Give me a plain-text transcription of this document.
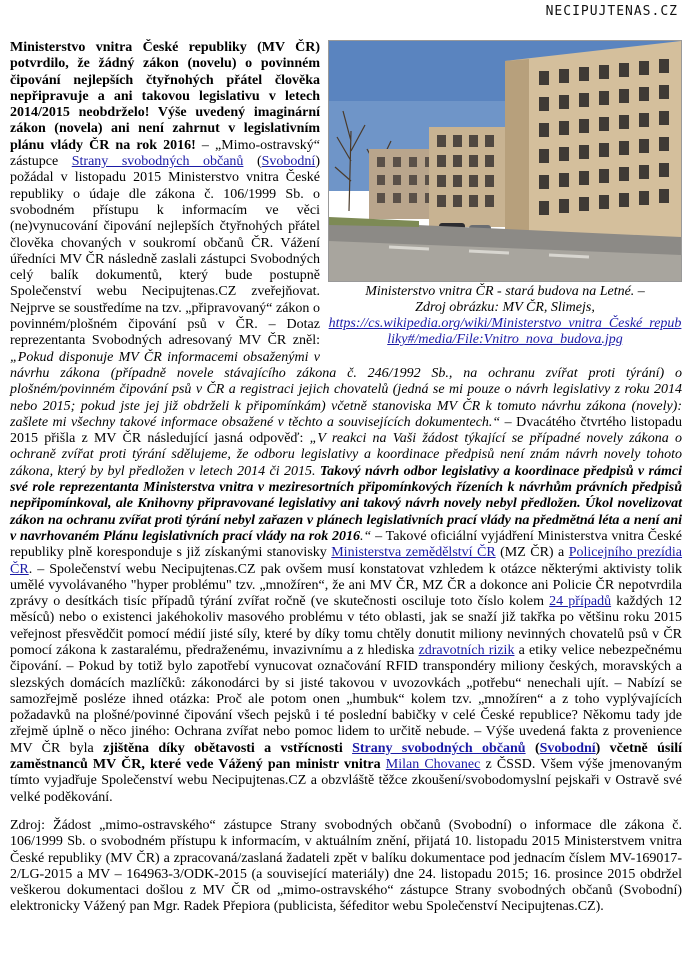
NECIPUJTENAS.CZ
Ministerstvo vnitra ČR - stará budova na Letné. –
Zdroj obrázku: MV ČR, Slimejs,
https://cs.wikipedia.org/wiki/Ministerstvo_vnitra_České_republiky#/media/File:Vnitro_nova_budova.jpg

Ministerstvo vnitra České republiky (MV ČR) potvrdilo, že žádný zákon (novelu) o povinném čipování nejlepších čtyřnohých přátel člověka nepřipravuje a ani takovou legislativu v letech 2014/2015 neobdrželo! Výše uvedený imaginární zákon (novela) ani není zahrnut v legislativním plánu vlády ČR na rok 2016! – „Mimo-ostravský“ zástupce Strany svobodných občanů (Svobodní) požádal v listopadu 2015 Ministerstvo vnitra České republiky o údaje dle zákona č. 106/1999 Sb. o svobodném přístupu k informacím ve věci (ne)vynucování čipování nejlepších čtyřnohých přátel člověka chovaných v soukromí občanů ČR. Vážení úředníci MV ČR následně zaslali zástupci Svobodných celý balík dokumentů, který bude postupně Společenství webu Necipujtenas.CZ zveřejňovat. Nejprve se soustředíme na tzv. „připravovaný“ zákon o povinném/plošném čipování psů v ČR. – Dotaz reprezentanta Svobodných adresovaný MV ČR zněl: „Pokud disponuje MV ČR informacemi obsaženými v návrhu zákona (případně novele stávajícího zákona č. 246/1992 Sb., na ochranu zvířat proti týrání) o plošném/povinném čipování psů v ČR a registraci jejich chovatelů (jedná se mi pouze o návrh legislativy z roku 2014 nebo 2015; pokud jste jej již obdrželi k připomínkám) včetně stanoviska MV ČR k tomuto návrhu zákona (novely): zašlete mi všechny takové informace obsažené v těchto a souvisejících dokumentech.“ – Dvacátého čtvrtého listopadu 2015 přišla z MV ČR následující jasná odpověď: „V reakci na Vaši žádost týkající se případné novely zákona o ochraně zvířat proti týrání sdělujeme, že odboru legislativy a koordinace předpisů není znám návrh novely tohoto zákona, který by byl předložen v letech 2014 či 2015. Takový návrh odbor legislativy a koordinace předpisů v rámci své role reprezentanta Ministerstva vnitra v meziresortních připomínkových řízeních k návrhům právních předpisů nepřipomínkoval, ale Knihovny připravované legislativy ani takový návrh novely nebyl předložen. Úkol novelizovat zákon na ochranu zvířat proti týrání nebyl zařazen v plánech legislativních prací vlády na předmětná léta a není ani v navrhovaném Plánu legislativních prací vlády na rok 2016.“ – Takové oficiální vyjádření Ministerstva vnitra České republiky plně koresponduje s již získanými stanovisky Ministerstva zemědělství ČR (MZ ČR) a Policejního prezídia ČR. – Společenství webu Necipujtenas.CZ pak ovšem musí konstatovat vzhledem k otázce některými aktivisty tolik umělé vyvolávaného "hyper problému" tzv. „množíren“, že ani MV ČR, MZ ČR a dokonce ani Policie ČR nepotvrdila zprávy o desítkách tisíc případů týrání zvířat ročně (ve skutečnosti osciluje toto číslo kolem 24 případů každých 12 měsíců) nebo o existenci jakéhokoliv masového problému v této oblasti, jak se snaží již takřka po většinu roku 2015 veřejnost přesvědčit pomocí médií jisté síly, které by díky tomu chtěly donutit miliony nevinných chovatelů psů v ČR pomocí zákona k zastaralému, předraženému, invazivnímu a z hlediska zdravotních rizik a etiky velice nebezpečnému čipování. – Pokud by totiž bylo zapotřebí vynucovat označování RFID transpondéry miliony českých, moravských a slezských domácích mazlíčků: zákonodárci by si jisté takovou v uvozovkách „potřebu“ nenechali ujít. – Nabízí se samozřejmě posléze ihned otázka: Proč ale potom onen „humbuk“ kolem tzv. „množíren“ a z toho vyplývajících požadavků na plošné/povinné čipování všech pejsků i té poslední babičky v celé České republice? Někomu tady jde zřejmě úplně o něco jiného: Ochrana zvířat nebo pomoc lidem to určitě nebude. – Výše uvedená fakta z provenience MV ČR byla zjištěna díky obětavosti a vstřícnosti Strany svobodných občanů (Svobodní) včetně úsilí zaměstnanců MV ČR, které vede Vážený pan ministr vnitra Milan Chovanec z ČSSD. Všem výše jmenovaným tímto vyjadřuje Společenství webu Necipujtenas.CZ a obzvláště těžce zkoušení/svobodomyslní pejskaři v Ostravě své velké poděkování.

Zdroj: Žádost „mimo-ostravského“ zástupce Strany svobodných občanů (Svobodní) o informace dle zákona č. 106/1999 Sb. o svobodném přístupu k informacím, v aktuálním znění, přijatá 10. listopadu 2015 Ministerstvem vnitra České republiky (MV ČR) a zpracovaná/zaslaná žadateli zpět v balíku dokumentace pod jednacím číslem MV-169017-2/LG-2015 a MV – 164963-3/ODK-2015 (a související materiály) dne 24. listopadu 2015; 16. prosince 2015 obdržel veškerou dokumentaci došlou z MV ČR od „mimo-ostravského“ zástupce Strany svobodných občanů (Svobodní) elektronicky Vážený pan Mgr. Radek Přepiora (publicista, šéfeditor webu Společenství Necipujtenas.CZ).
